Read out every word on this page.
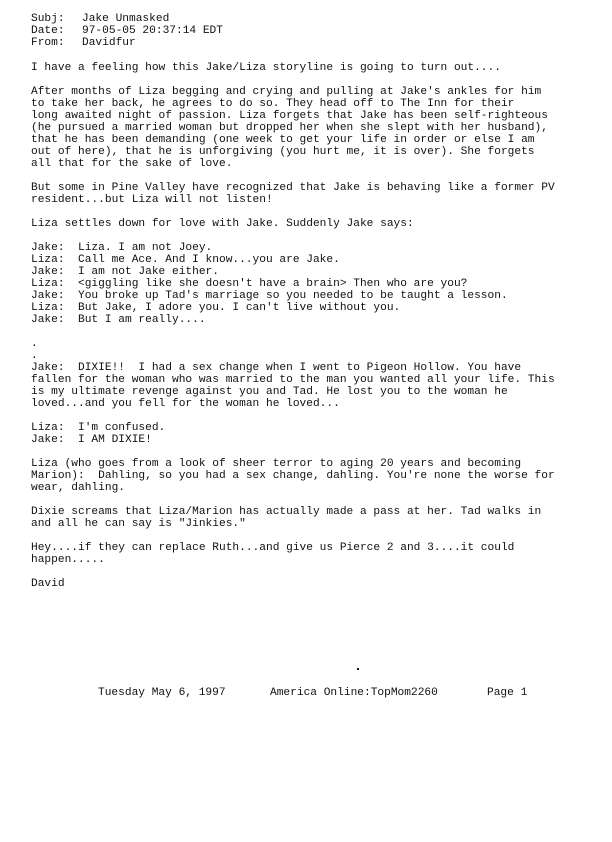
Subj: Jake Unmasked
Date: 97-05-05 20:37:14 EDT
From: Davidfur
I have a feeling how this Jake/Liza storyline is going to turn out....
After months of Liza begging and crying and pulling at Jake's ankles for him
to take her back, he agrees to do so. They head off to The Inn for their
long awaited night of passion. Liza forgets that Jake has been self-righteous
(he pursued a married woman but dropped her when she slept with her husband),
that he has been demanding (one week to get your life in order or else I am
out of here), that he is unforgiving (you hurt me, it is over). She forgets
all that for the sake of love.
But some in Pine Valley have recognized that Jake is behaving like a former PV
resident...but Liza will not listen!
Liza settles down for love with Jake. Suddenly Jake says:
Jake:  Liza. I am not Joey.
Liza:  Call me Ace. And I know...you are Jake.
Jake:  I am not Jake either.
Liza:  <giggling like she doesn't have a brain> Then who are you?
Jake:  You broke up Tad's marriage so you needed to be taught a lesson.
Liza:  But Jake, I adore you. I can't live without you.
Jake:  But I am really....
.
.
Jake:  DIXIE!!  I had a sex change when I went to Pigeon Hollow. You have
fallen for the woman who was married to the man you wanted all your life. This
is my ultimate revenge against you and Tad. He lost you to the woman he
loved...and you fell for the woman he loved...
Liza:  I'm confused.
Jake:  I AM DIXIE!
Liza (who goes from a look of sheer terror to aging 20 years and becoming
Marion):  Dahling, so you had a sex change, dahling. You're none the worse for
wear, dahling.
Dixie screams that Liza/Marion has actually made a pass at her. Tad walks in
and all he can say is "Jinkies."
Hey....if they can replace Ruth...and give us Pierce 2 and 3....it could
happen.....
David
Tuesday May 6, 1997	America Online:TopMom2260	Page 1
